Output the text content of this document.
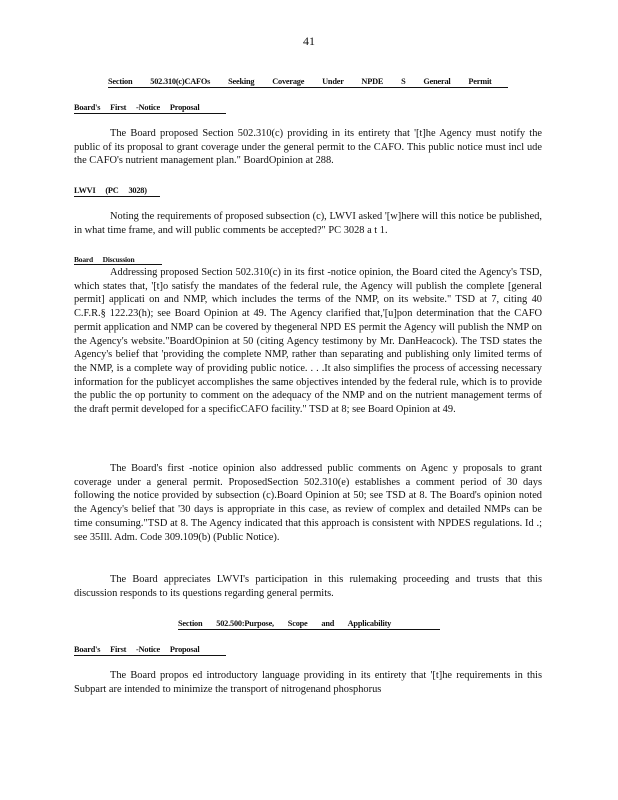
41
Section 502.310(c)CAFOs Seeking Coverage Under NPDE S General Permit
Board's First -Notice Proposal

The Board proposed Section 502.310(c) providing in its entirety that '[t]he Agency must notify the public of its proposal to grant coverage under the general permit to the CAFO. This public notice must incl ude the CAFO's nutrient management plan." BoardOpinion at 288.

LWVI (PC 3028)

Noting the requirements of proposed subsection (c), LWVI asked '[w]here will this notice be published, in what time frame, and will public comments be accepted?" PC 3028 a t 1.

Board Discussion

Addressing proposed Section 502.310(c) in its first -notice opinion, the Board cited the Agency's TSD, which states that, '[t]o satisfy the mandates of the federal rule, the Agency will publish the complete [general permit] applicati on and NMP, which includes the terms of the NMP, on its website." TSD at 7, citing 40 C.F.R.§ 122.23(h); see Board Opinion at 49. The Agency clarified that,'[u]pon determination that the CAFO permit application and NMP can be covered by thegeneral NPD ES permit the Agency will publish the NMP on the Agency's website."BoardOpinion at 50 (citing Agency testimony by Mr. DanHeacock). The TSD states the Agency's belief that 'providing the complete NMP, rather than separating and publishing only limited terms of the NMP, is a complete way of providing public notice. . . .It also simplifies the process of accessing necessary information for the publicyet accomplishes the same objectives intended by the federal rule, which is to provide the public the op portunity to comment on the adequacy of the NMP and on the nutrient management terms of the draft permit developed for a specificCAFO facility." TSD at 8; see Board Opinion at 49.

The Board's first -notice opinion also addressed public comments on Agenc y proposals to grant coverage under a general permit. ProposedSection 502.310(e) establishes a comment period of 30 days following the notice provided by subsection (c).Board Opinion at 50; see TSD at 8. The Board's opinion noted the Agency's belief that '30 days is appropriate in this case, as review of complex and detailed NMPs can be time consuming."TSD at 8. The Agency indicated that this approach is consistent with NPDES regulations. Id .; see 35Ill. Adm. Code 309.109(b) (Public Notice).

The Board appreciates LWVI's participation in this rulemaking proceeding and trusts that this discussion responds to its questions regarding general permits.

Section 502.500:Purpose, Scope and Applicability
Board's First -Notice Proposal

The Board propos ed introductory language providing in its entirety that '[t]he requirements in this Subpart are intended to minimize the transport of nitrogenand phosphorus
